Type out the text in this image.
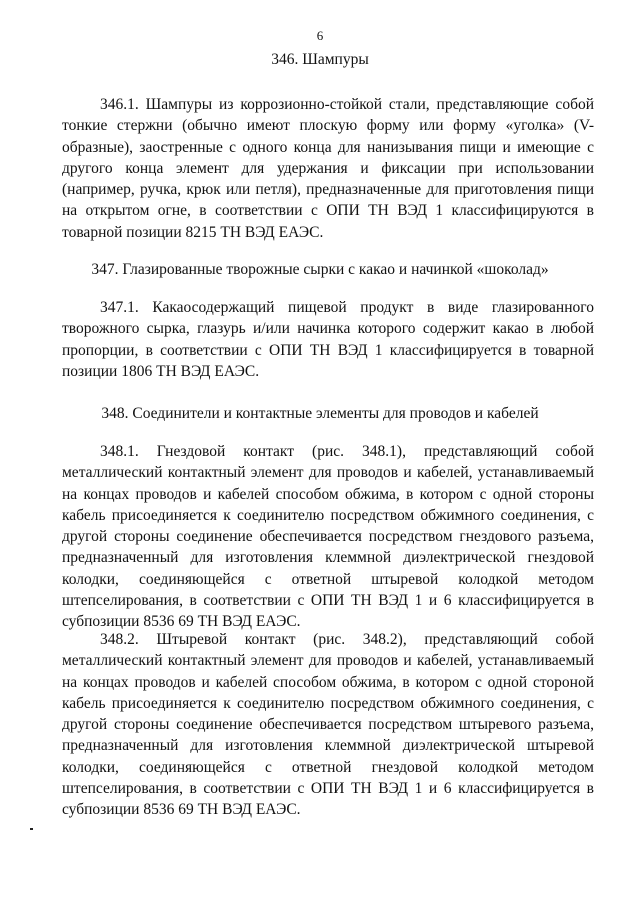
6
346. Шампуры
346.1. Шампуры из коррозионно-стойкой стали, представляющие собой тонкие стержни (обычно имеют плоскую форму или форму «уголка» (V-образные), заостренные с одного конца для нанизывания пищи и имеющие с другого конца элемент для удержания и фиксации при использовании (например, ручка, крюк или петля), предназначенные для приготовления пищи на открытом огне, в соответствии с ОПИ ТН ВЭД 1 классифицируются в товарной позиции 8215 ТН ВЭД ЕАЭС.
347. Глазированные творожные сырки с какао и начинкой «шоколад»
347.1. Какаосодержащий пищевой продукт в виде глазированного творожного сырка, глазурь и/или начинка которого содержит какао в любой пропорции, в соответствии с ОПИ ТН ВЭД 1 классифицируется в товарной позиции 1806 ТН ВЭД ЕАЭС.
348. Соединители и контактные элементы для проводов и кабелей
348.1. Гнездовой контакт (рис. 348.1), представляющий собой металлический контактный элемент для проводов и кабелей, устанавливаемый на концах проводов и кабелей способом обжима, в котором с одной стороны кабель присоединяется к соединителю посредством обжимного соединения, с другой стороны соединение обеспечивается посредством гнездового разъема, предназначенный для изготовления клеммной диэлектрической гнездовой колодки, соединяющейся с ответной штыревой колодкой методом штепселирования, в соответствии с ОПИ ТН ВЭД 1 и 6 классифицируется в субпозиции 8536 69 ТН ВЭД ЕАЭС.
348.2. Штыревой контакт (рис. 348.2), представляющий собой металлический контактный элемент для проводов и кабелей, устанавливаемый на концах проводов и кабелей способом обжима, в котором с одной стороной кабель присоединяется к соединителю посредством обжимного соединения, с другой стороны соединение обеспечивается посредством штыревого разъема, предназначенный для изготовления клеммной диэлектрической штыревой колодки, соединяющейся с ответной гнездовой колодкой методом штепселирования, в соответствии с ОПИ ТН ВЭД 1 и 6 классифицируется в субпозиции 8536 69 ТН ВЭД ЕАЭС.
